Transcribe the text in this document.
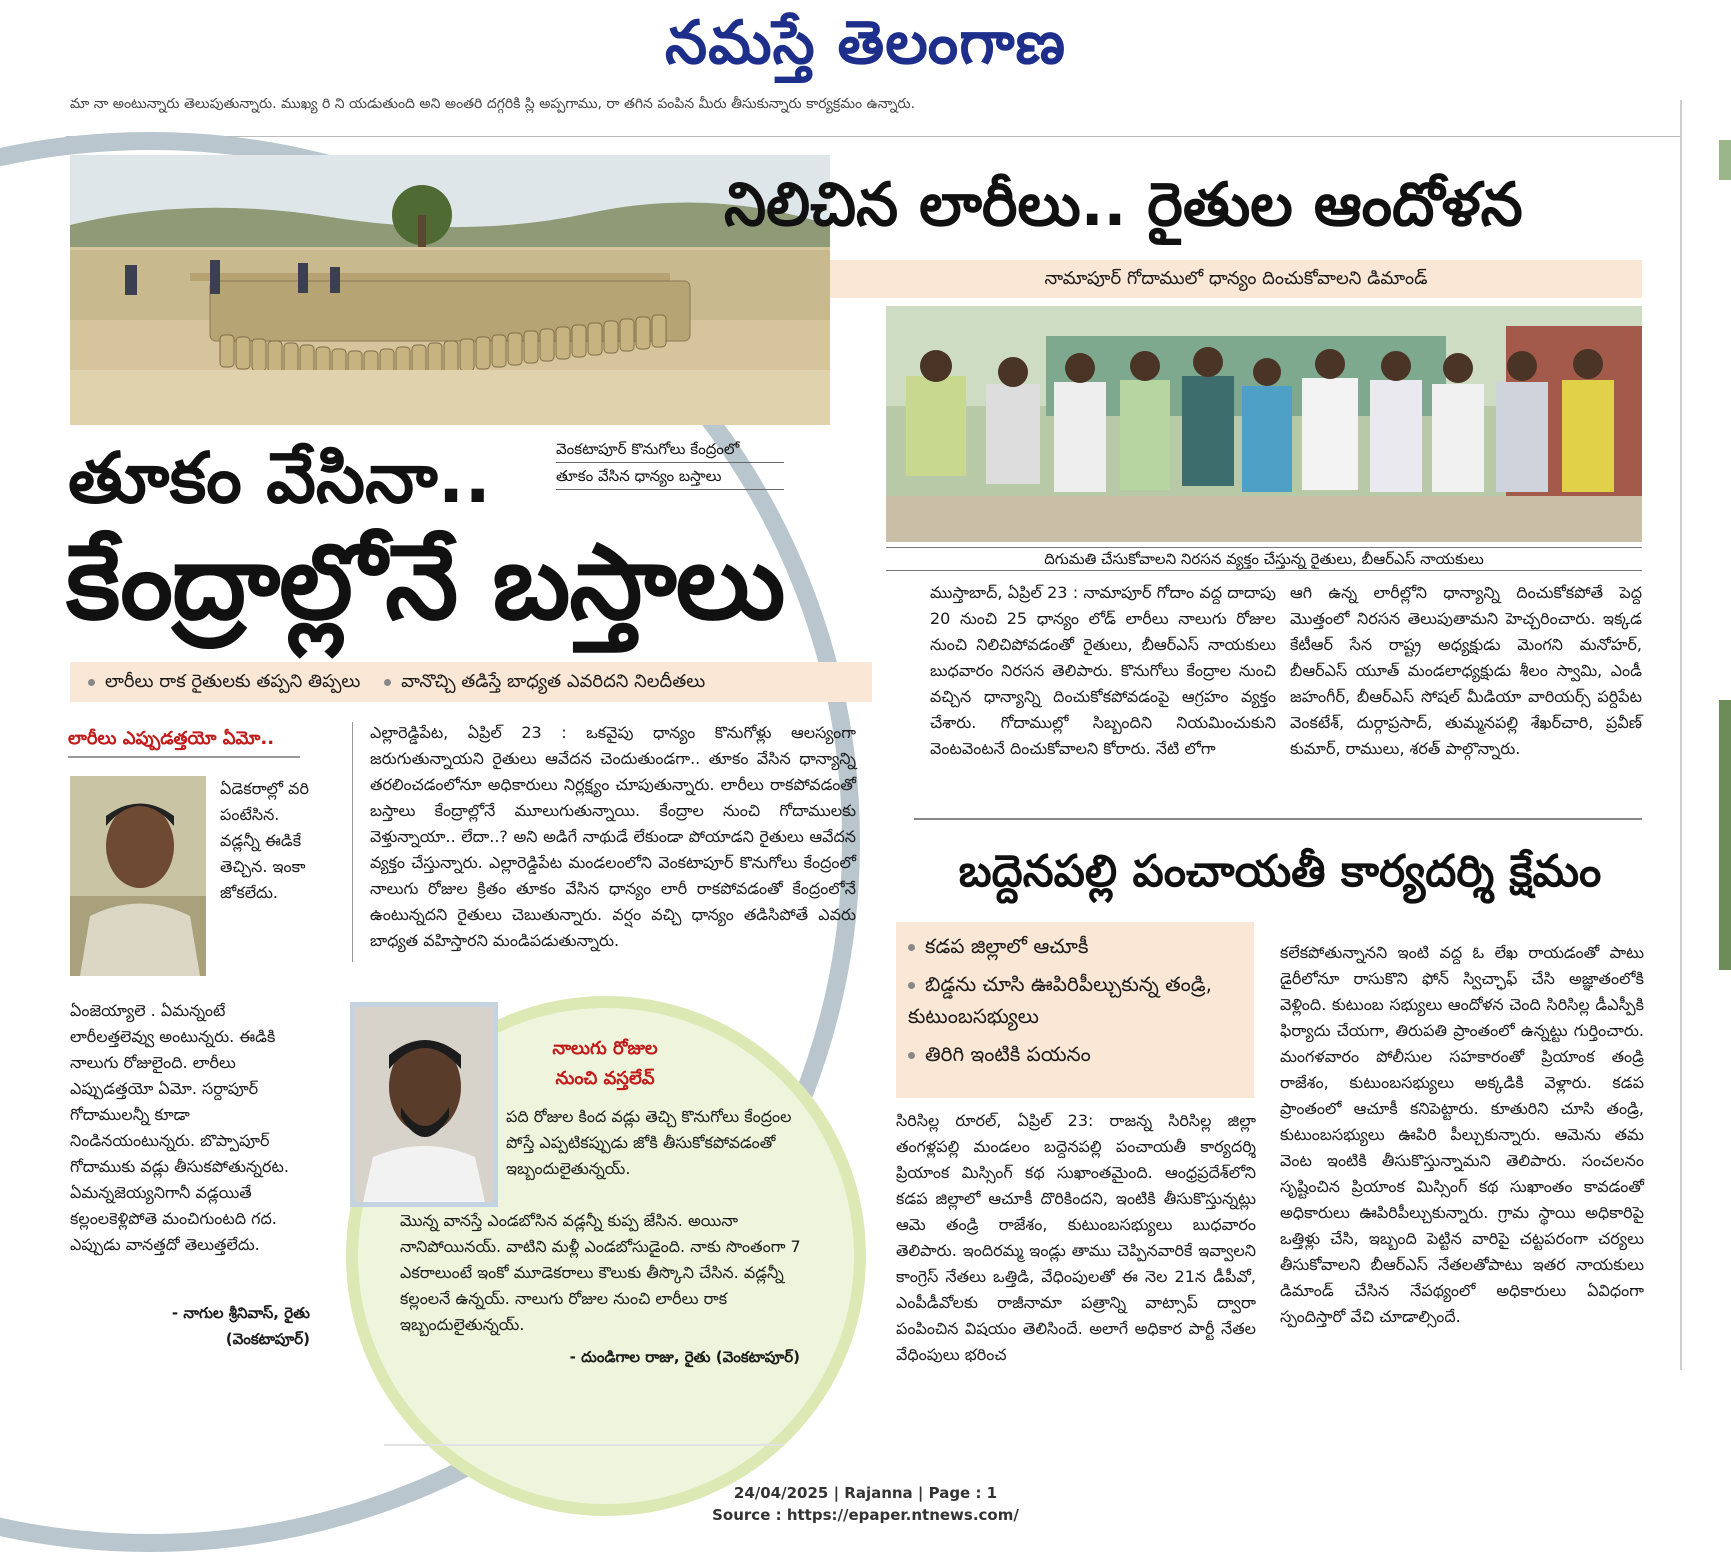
నమస్తే తెలంగాణ
మా నా అంటున్నారు తెలుపుతున్నారు. ముఖ్య రి ని యడుతుంది అని అంతరి దగ్గరికి స్లి అప్పగాము, రా తగిన పంపిన మీరు తీసుకున్నారు కార్యక్రమం ఉన్నారు.
వెంకటాపూర్ కొనుగోలు కేంద్రంలో
తూకం వేసిన ధాన్యం బస్తాలు
తూకం వేసినా..
కేంద్రాల్లోనే బస్తాలు
లారీలు రాక రైతులకు తప్పని తిప్పలు వానొచ్చి తడిస్తే బాధ్యత ఎవరిదని నిలదీతలు
లారీలు ఎప్పుడత్తయో ఏమో..
ఏడెకరాల్లో వరి పంటేసిన. వడ్లన్నీ ఈడికే తెచ్చిన. ఇంకా జోకలేదు.
ఏంజెయ్యాలె . ఏమన్నంటే లారీలత్తలెవ్వు అంటున్నరు. ఈడికి నాలుగు రోజులైంది. లారీలు ఎప్పుడత్తయో ఏమో. సర్దాపూర్ గోదాములన్నీ కూడా నిండినయంటున్నరు. బొప్పాపూర్ గోదాముకు వడ్లు తీసుకపోతున్నరట. ఏమన్నజెయ్యనిగానీ వడ్లయితే కల్లంలకెళ్లిపోతె మంచిగుంటది గద. ఎప్పుడు వానత్తదో తెలుత్తలేదు.
- నాగుల శ్రీనివాస్, రైతు
(వెంకటాపూర్)
ఎల్లారెడ్డిపేట, ఏప్రిల్ 23 : ఒకవైపు ధాన్యం కొనుగోళ్లు ఆలస్యంగా జరుగుతున్నాయని రైతులు ఆవేదన చెందుతుండగా.. తూకం వేసిన ధాన్యాన్ని తరలించడంలోనూ అధికారులు నిర్లక్ష్యం చూపుతున్నారు. లారీలు రాకపోవడంతో బస్తాలు కేంద్రాల్లోనే మూలుగుతున్నాయి. కేంద్రాల నుంచి గోదాములకు వెళ్తున్నాయా.. లేదా..? అని అడిగే నాథుడే లేకుండా పోయాడని రైతులు ఆవేదన వ్యక్తం చేస్తున్నారు. ఎల్లారెడ్డిపేట మండలంలోని వెంకటాపూర్ కొనుగోలు కేంద్రంలో నాలుగు రోజుల క్రితం తూకం వేసిన ధాన్యం లారీ రాకపోవడంతో కేంద్రంలోనే ఉంటున్నదని రైతులు చెబుతున్నారు. వర్షం వచ్చి ధాన్యం తడిసిపోతే ఎవరు బాధ్యత వహిస్తారని మండిపడుతున్నారు.
నాలుగు రోజుల
నుంచి వస్తలేవ్
పది రోజుల కింద వడ్లు తెచ్చి కొనుగోలు కేంద్రంల పోస్తే ఎప్పటికప్పుడు జోకి తీసుకోకపోవడంతో ఇబ్బందులైతున్నయ్.
మొన్న వానస్తే ఎండబోసిన వడ్లన్నీ కుప్ప జేసిన. అయినా నానిపోయినయ్. వాటిని మళ్లీ ఎండబోసుడైంది. నాకు సొంతంగా 7 ఎకరాలుంటే ఇంకో మూడెకరాలు కౌలుకు తీస్కొని చేసిన. వడ్లన్నీ కల్లంలనే ఉన్నయ్. నాలుగు రోజుల నుంచి లారీలు రాక ఇబ్బందులైతున్నయ్.
- దుండిగాల రాజు, రైతు (వెంకటాపూర్)
నిలిచిన లారీలు.. రైతుల ఆందోళన
నామాపూర్ గోదాములో ధాన్యం దించుకోవాలని డిమాండ్
దిగుమతి చేసుకోవాలని నిరసన వ్యక్తం చేస్తున్న రైతులు, బీఆర్ఎస్ నాయకులు
ముస్తాబాద్, ఏప్రిల్ 23 : నామాపూర్ గోదాం వద్ద దాదాపు 20 నుంచి 25 ధాన్యం లోడ్ లారీలు నాలుగు రోజుల నుంచి నిలిచిపోవడంతో రైతులు, బీఆర్ఎస్ నాయకులు బుధవారం నిరసన తెలిపారు. కొనుగోలు కేంద్రాల నుంచి వచ్చిన ధాన్యాన్ని దించుకోకపోవడంపై ఆగ్రహం వ్యక్తం చేశారు. గోదాముల్లో సిబ్బందిని నియమించుకుని వెంటవెంటనే దించుకోవాలని కోరారు. నేటి లోగా
ఆగి ఉన్న లారీల్లోని ధాన్యాన్ని దించుకోకపోతే పెద్ద మొత్తంలో నిరసన తెలుపుతామని హెచ్చరించారు. ఇక్కడ కేటీఆర్ సేన రాష్ట్ర అధ్యక్షుడు మెంగని మనోహర్, బీఆర్ఎస్ యూత్ మండలాధ్యక్షుడు శీలం స్వామి, ఎండీ జహంగీర్, బీఆర్ఎస్ సోషల్ మీడియా వారియర్స్ పర్దిపేట వెంకటేశ్, దుర్గాప్రసాద్, తుమ్మనపల్లి శేఖర్‌చారి, ప్రవీణ్ కుమార్, రాములు, శరత్ పాల్గొన్నారు.
బద్దెనపల్లి పంచాయతీ కార్యదర్శి క్షేమం
కడప జిల్లాలో ఆచూకీ
బిడ్డను చూసి ఊపిరిపీల్చుకున్న తండ్రి, కుటుంబసభ్యులు
తిరిగి ఇంటికి పయనం
సిరిసిల్ల రూరల్, ఏప్రిల్ 23: రాజన్న సిరిసిల్ల జిల్లా తంగళ్లపల్లి మండలం బద్దెనపల్లి పంచాయతీ కార్యదర్శి ప్రియాంక మిస్సింగ్ కథ సుఖాంతమైంది. ఆంధ్రప్రదేశ్‌లోని కడప జిల్లాలో ఆచూకీ దొరికిందని, ఇంటికి తీసుకొస్తున్నట్లు ఆమె తండ్రి రాజేశం, కుటుంబసభ్యులు బుధవారం తెలిపారు. ఇందిరమ్మ ఇండ్లు తాము చెప్పినవారికే ఇవ్వాలని కాంగ్రెస్ నేతలు ఒత్తిడి, వేధింపులతో ఈ నెల 21న డీపీవో, ఎంపీడీవోలకు రాజీనామా పత్రాన్ని వాట్సాప్ ద్వారా పంపించిన విషయం తెలిసిందే. అలాగే అధికార పార్టీ నేతల వేధింపులు భరించ
కలేకపోతున్నానని ఇంటి వద్ద ఓ లేఖ రాయడంతో పాటు డైరీలోనూ రాసుకొని ఫోన్ స్విచ్ఛాఫ్ చేసి అజ్ఞాతంలోకి వెళ్లింది. కుటుంబ సభ్యులు ఆందోళన చెంది సిరిసిల్ల డీఎస్పీకి ఫిర్యాదు చేయగా, తిరుపతి ప్రాంతంలో ఉన్నట్టు గుర్తించారు. మంగళవారం పోలీసుల సహకారంతో ప్రియాంక తండ్రి రాజేశం, కుటుంబసభ్యులు అక్కడికి వెళ్లారు. కడప ప్రాంతంలో ఆచూకీ కనిపెట్టారు. కూతురిని చూసి తండ్రి, కుటుంబసభ్యులు ఊపిరి పీల్చుకున్నారు. ఆమెను తమ వెంట ఇంటికి తీసుకొస్తున్నామని తెలిపారు. సంచలనం సృష్టించిన ప్రియాంక మిస్సింగ్ కథ సుఖాంతం కావడంతో అధికారులు ఊపిరిపీల్చుకున్నారు. గ్రామ స్థాయి అధికారిపై ఒత్తిళ్లు చేసి, ఇబ్బంది పెట్టిన వారిపై చట్టపరంగా చర్యలు తీసుకోవాలని బీఆర్ఎస్ నేతలతోపాటు ఇతర నాయకులు డిమాండ్ చేసిన నేపథ్యంలో అధికారులు ఏవిధంగా స్పందిస్తారో వేచి చూడాల్సిందే.
24/04/2025 | Rajanna | Page : 1
Source : https://epaper.ntnews.com/
